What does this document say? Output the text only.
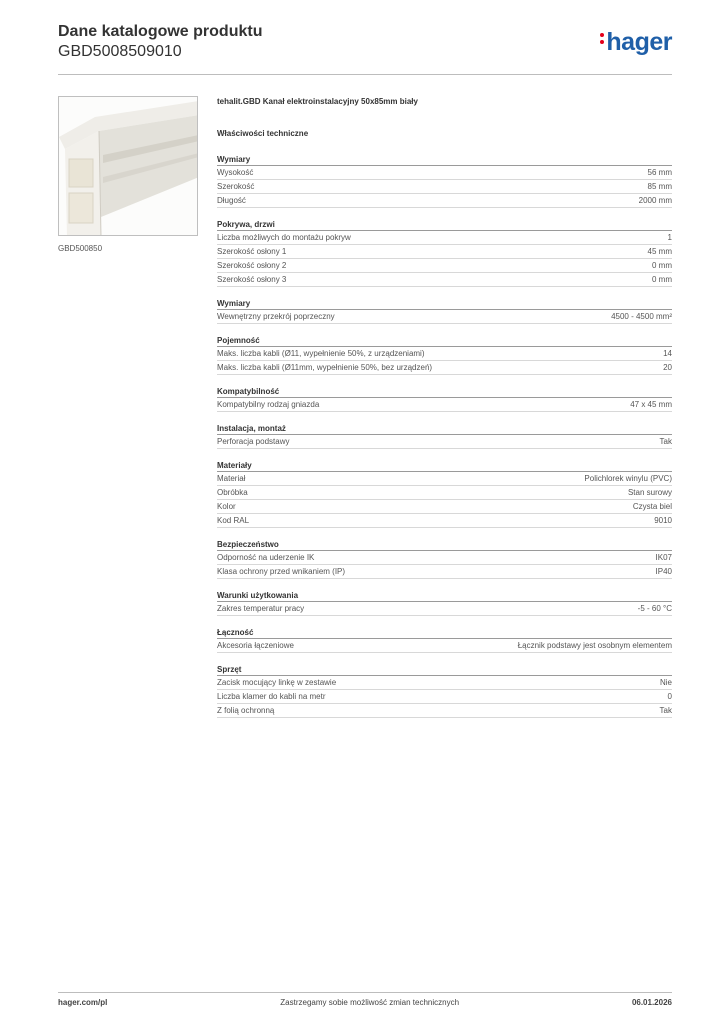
Dane katalogowe produktu
GBD5008509010	hager
GBD500850
tehalit.GBD Kanał elektroinstalacyjny 50x85mm biały
Właściwości techniczne
Wymiary
Wysokość	56 mm
Szerokość	85 mm
Długość	2000 mm
Pokrywa, drzwi
Liczba możliwych do montażu pokryw	1
Szerokość osłony 1	45 mm
Szerokość osłony 2	0 mm
Szerokość osłony 3	0 mm
Wymiary
Wewnętrzny przekrój poprzeczny	4500 - 4500 mm²
Pojemność
Maks. liczba kabli (Ø11, wypełnienie 50%, z urządzeniami)	14
Maks. liczba kabli (Ø11mm, wypełnienie 50%, bez urządzeń)	20
Kompatybilność
Kompatybilny rodzaj gniazda	47 x 45 mm
Instalacja, montaż
Perforacja podstawy	Tak
Materiały
Materiał	Polichlorek winylu (PVC)
Obróbka	Stan surowy
Kolor	Czysta biel
Kod RAL	9010
Bezpieczeństwo
Odporność na uderzenie IK	IK07
Klasa ochrony przed wnikaniem (IP)	IP40
Warunki użytkowania
Zakres temperatur pracy	-5 - 60 °C
Łączność
Akcesoria łączeniowe	Łącznik podstawy jest osobnym elementem
Sprzęt
Zacisk mocujący linkę w zestawie	Nie
Liczba klamer do kabli na metr	0
Z folią ochronną	Tak
hager.com/pl	Zastrzegamy sobie możliwość zmian technicznych	06.01.2026
